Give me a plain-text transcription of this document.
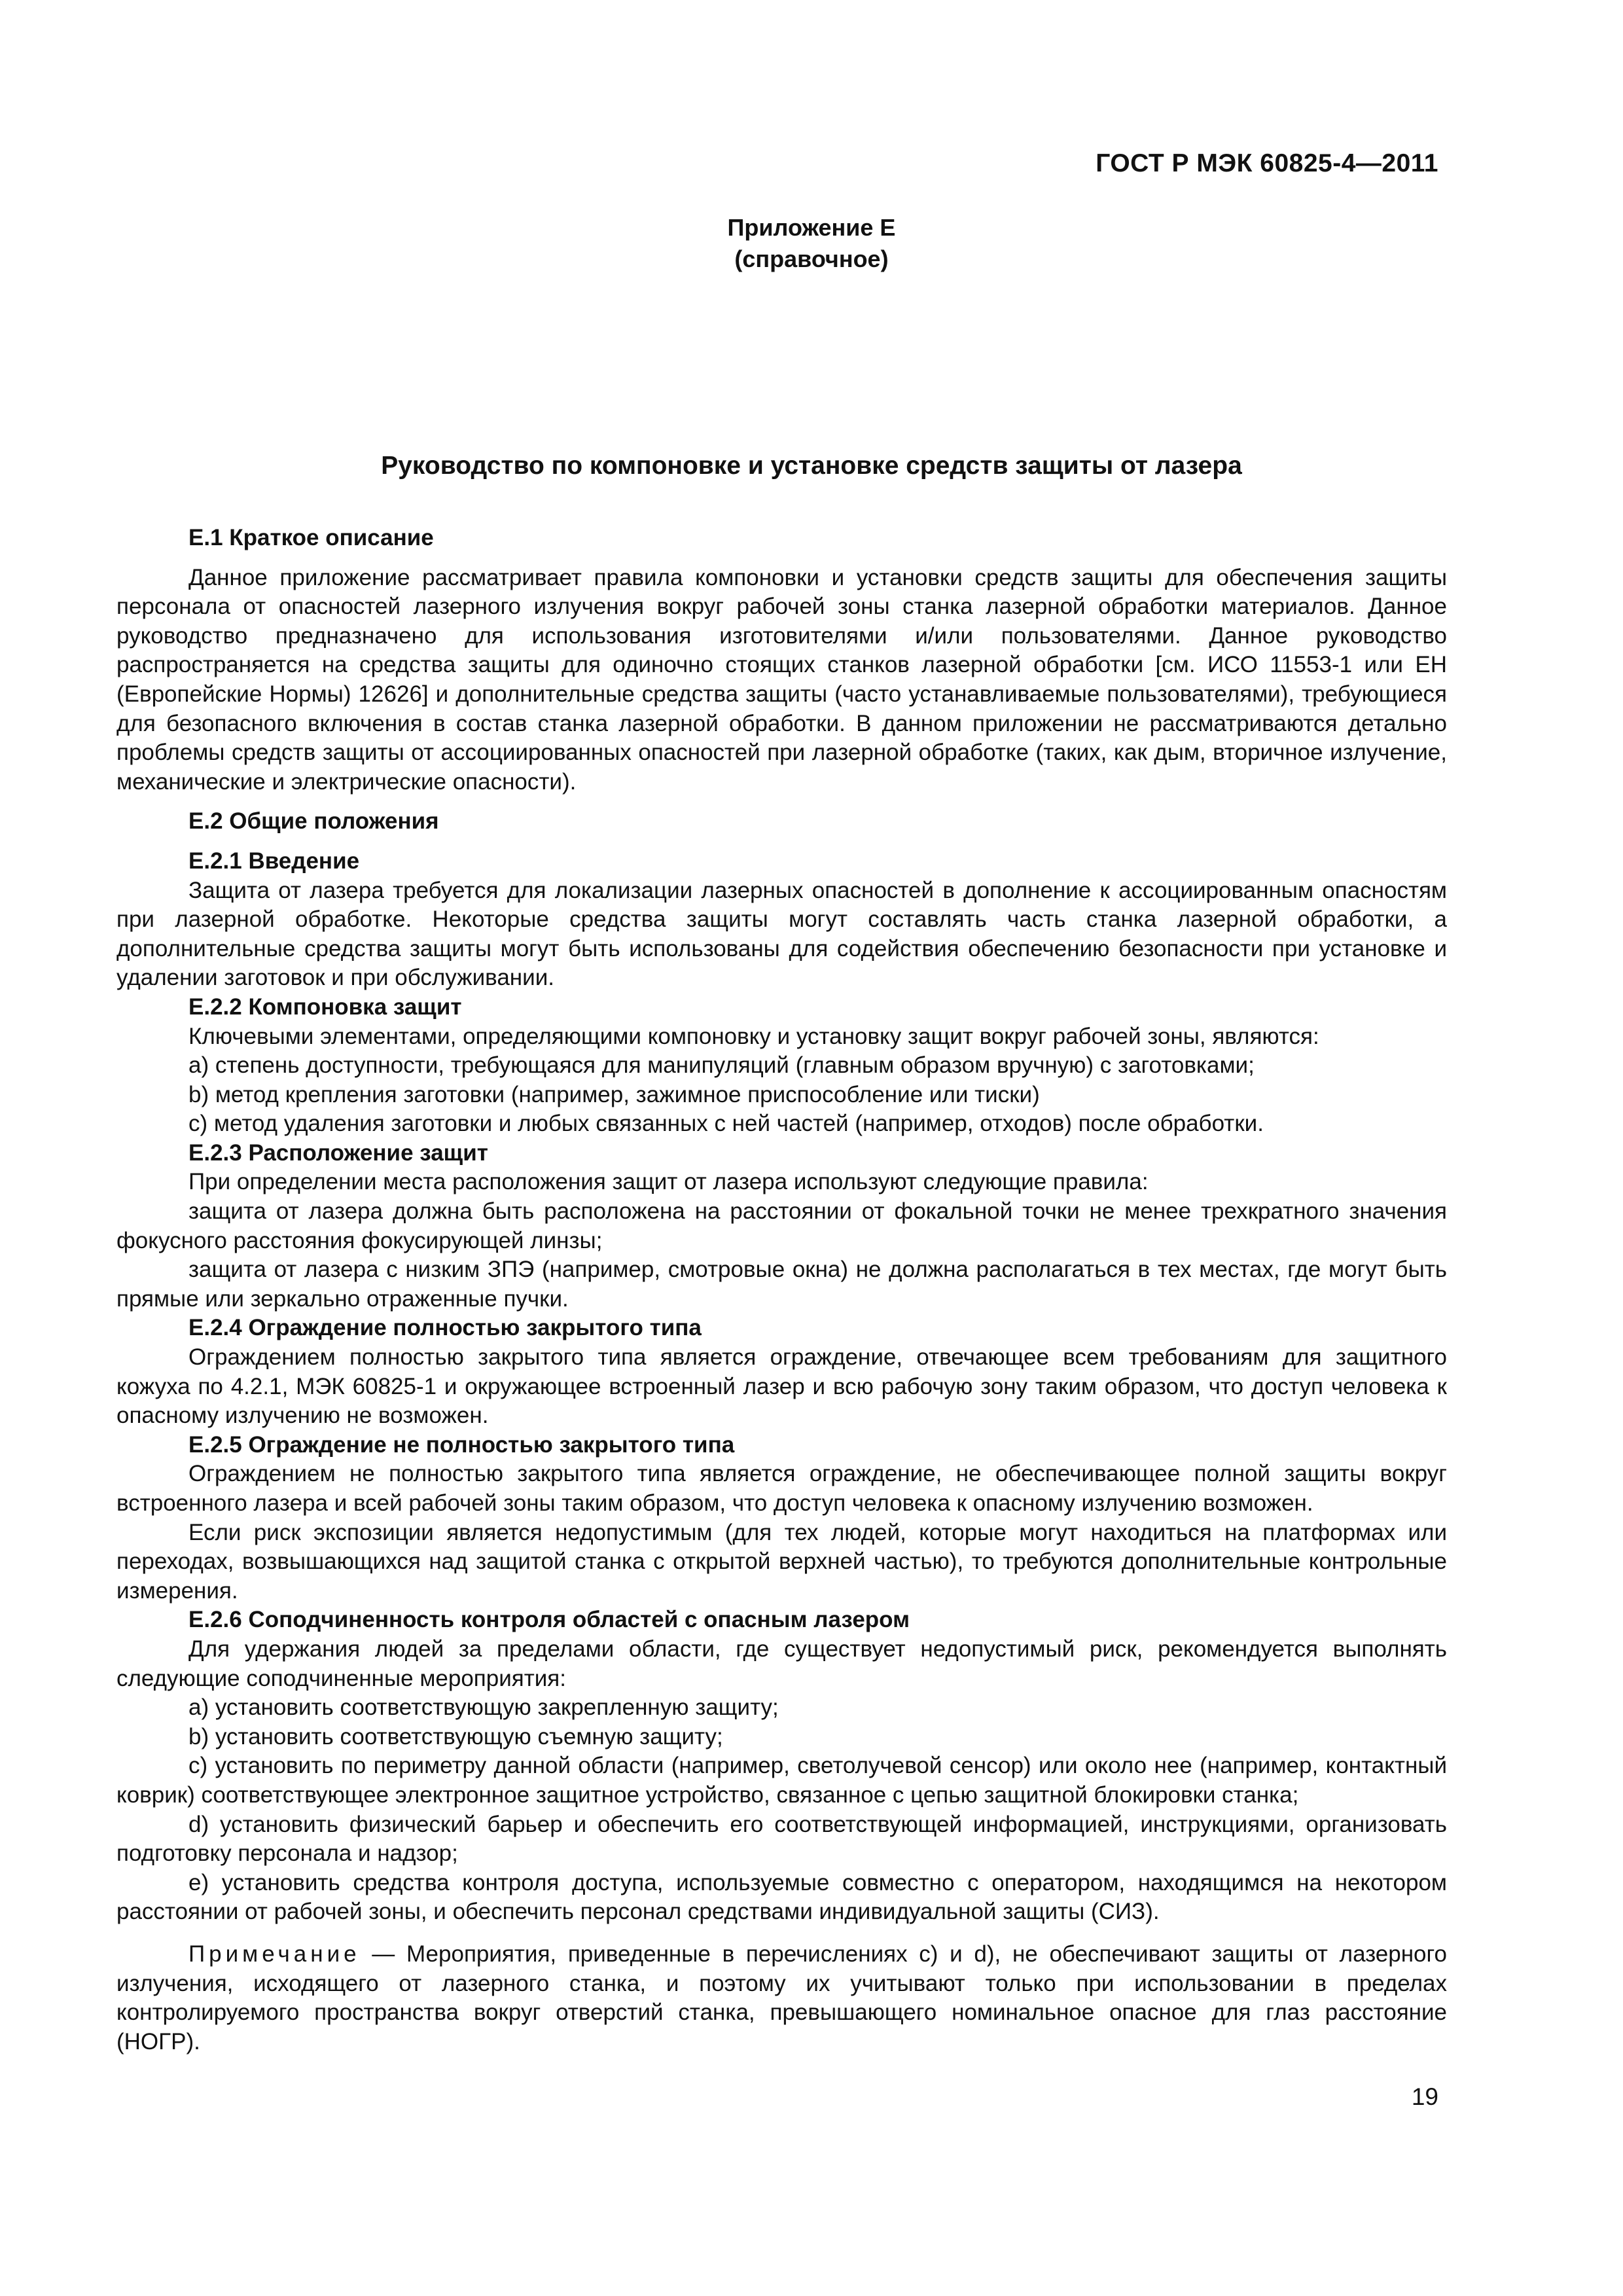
ГОСТ Р МЭК 60825-4—2011
Приложение Е
(справочное)
Руководство по компоновке и установке средств защиты от лазера
Е.1 Краткое описание

Данное приложение рассматривает правила компоновки и установки средств защиты для обеспечения защиты персонала от опасностей лазерного излучения вокруг рабочей зоны станка лазерной обработки материалов. Данное руководство предназначено для использования изготовителями и/или пользователями. Данное руководство распространяется на средства защиты для одиночно стоящих станков лазерной обработки [см. ИСО 11553-1 или ЕН (Европейские Нормы) 12626] и дополнительные средства защиты (часто устанавливаемые пользователями), требующиеся для безопасного включения в состав станка лазерной обработки. В данном приложении не рассматриваются детально проблемы средств защиты от ассоциированных опасностей при лазерной обработке (таких, как дым, вторичное излучение, механические и электрические опасности).

Е.2 Общие положения
Е.2.1 Введение

Защита от лазера требуется для локализации лазерных опасностей в дополнение к ассоциированным опасностям при лазерной обработке. Некоторые средства защиты могут составлять часть станка лазерной обработки, а дополнительные средства защиты могут быть использованы для содействия обеспечению безопасности при установке и удалении заготовок и при обслуживании.

Е.2.2 Компоновка защит

Ключевыми элементами, определяющими компоновку и установку защит вокруг рабочей зоны, являются:

a) степень доступности, требующаяся для манипуляций (главным образом вручную) с заготовками;

b) метод крепления заготовки (например, зажимное приспособление или тиски)

c) метод удаления заготовки и любых связанных с ней частей (например, отходов) после обработки.

Е.2.3 Расположение защит

При определении места расположения защит от лазера используют следующие правила:

защита от лазера должна быть расположена на расстоянии от фокальной точки не менее трехкратного значения фокусного расстояния фокусирующей линзы;

защита от лазера с низким ЗПЭ (например, смотровые окна) не должна располагаться в тех местах, где могут быть прямые или зеркально отраженные пучки.

Е.2.4 Ограждение полностью закрытого типа

Ограждением полностью закрытого типа является ограждение, отвечающее всем требованиям для защитного кожуха по 4.2.1, МЭК 60825-1 и окружающее встроенный лазер и всю рабочую зону таким образом, что доступ человека к опасному излучению не возможен.

Е.2.5 Ограждение не полностью закрытого типа

Ограждением не полностью закрытого типа является ограждение, не обеспечивающее полной защиты вокруг встроенного лазера и всей рабочей зоны таким образом, что доступ человека к опасному излучению возможен.

Если риск экспозиции является недопустимым (для тех людей, которые могут находиться на платформах или переходах, возвышающихся над защитой станка с открытой верхней частью), то требуются дополнительные контрольные измерения.

Е.2.6 Соподчиненность контроля областей с опасным лазером

Для удержания людей за пределами области, где существует недопустимый риск, рекомендуется выполнять следующие соподчиненные мероприятия:

a) установить соответствующую закрепленную защиту;

b) установить соответствующую съемную защиту;

c) установить по периметру данной области (например, светолучевой сенсор) или около нее (например, контактный коврик) соответствующее электронное защитное устройство, связанное с цепью защитной блокировки станка;

d) установить физический барьер и обеспечить его соответствующей информацией, инструкциями, организовать подготовку персонала и надзор;

e) установить средства контроля доступа, используемые совместно с оператором, находящимся на некотором расстоянии от рабочей зоны, и обеспечить персонал средствами индивидуальной защиты (СИЗ).

Примечание — Мероприятия, приведенные в перечислениях c) и d), не обеспечивают защиты от лазерного излучения, исходящего от лазерного станка, и поэтому их учитывают только при использовании в пределах контролируемого пространства вокруг отверстий станка, превышающего номинальное опасное для глаз расстояние (НОГР).

19
